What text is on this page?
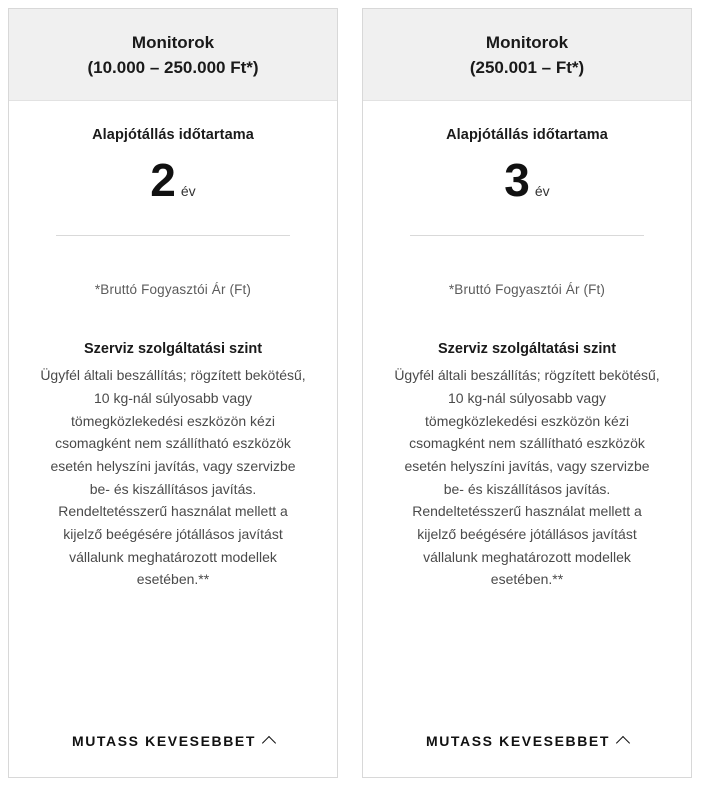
Monitorok
(10.000 – 250.000 Ft*)
Alapjótállás időtartama
2 év
*Bruttó Fogyasztói Ár (Ft)
Szerviz szolgáltatási szint

Ügyfél általi beszállítás; rögzített bekötésű, 10 kg-nál súlyosabb vagy tömegközlekedési eszközön kézi csomagként nem szállítható eszközök esetén helyszíni javítás, vagy szervizbe be- és kiszállításos javítás. Rendeltetésszerű használat mellett a kijelző beégésére jótállásos javítást vállalunk meghatározott modellek esetében.**

MUTASS KEVESEBBET
Monitorok
(250.001 – Ft*)
Alapjótállás időtartama
3 év
*Bruttó Fogyasztói Ár (Ft)
Szerviz szolgáltatási szint

Ügyfél általi beszállítás; rögzített bekötésű, 10 kg-nál súlyosabb vagy tömegközlekedési eszközön kézi csomagként nem szállítható eszközök esetén helyszíni javítás, vagy szervizbe be- és kiszállításos javítás. Rendeltetésszerű használat mellett a kijelző beégésére jótállásos javítást vállalunk meghatározott modellek esetében.**

MUTASS KEVESEBBET
